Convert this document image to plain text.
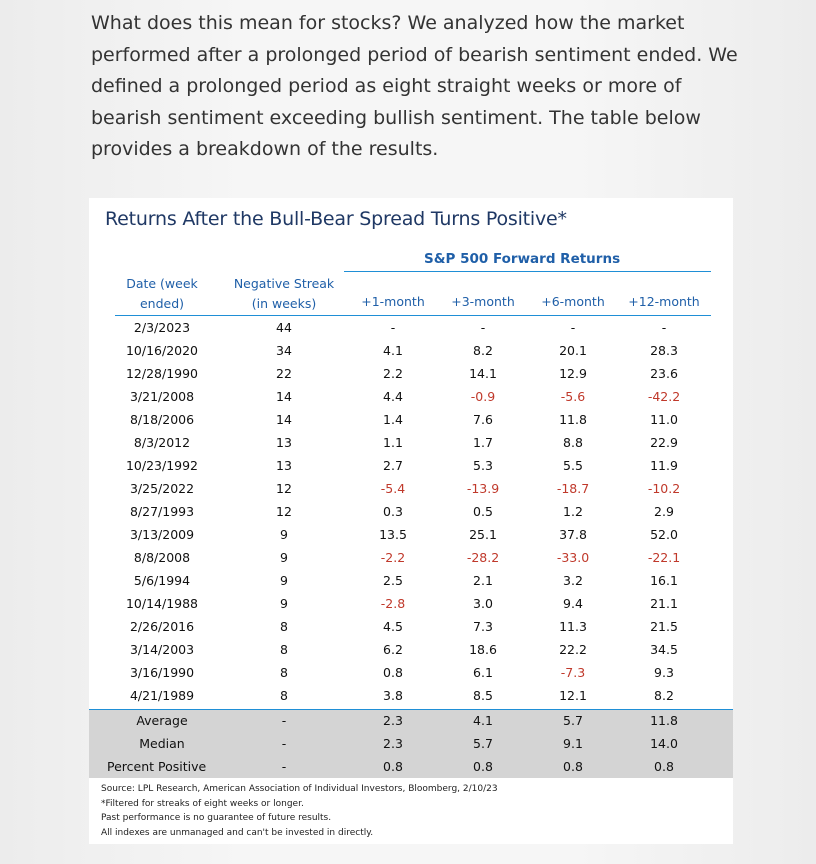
What does this mean for stocks? We analyzed how the market performed after a prolonged period of bearish sentiment ended. We defined a prolonged period as eight straight weeks or more of bearish sentiment exceeding bullish sentiment. The table below provides a breakdown of the results.

Returns After the Bull-Bear Spread Turns Positive*
S&P 500 Forward Returns
Date (week
ended)
Negative Streak
(in weeks)	+1-month	+3-month	+6-month	+12-month
2/3/2023	44	-	-	-	-
10/16/2020	34	4.1	8.2	20.1	28.3
12/28/1990	22	2.2	14.1	12.9	23.6
3/21/2008	14	4.4	-0.9	-5.6	-42.2
8/18/2006	14	1.4	7.6	11.8	11.0
8/3/2012	13	1.1	1.7	8.8	22.9
10/23/1992	13	2.7	5.3	5.5	11.9
3/25/2022	12	-5.4	-13.9	-18.7	-10.2
8/27/1993	12	0.3	0.5	1.2	2.9
3/13/2009	9	13.5	25.1	37.8	52.0
8/8/2008	9	-2.2	-28.2	-33.0	-22.1
5/6/1994	9	2.5	2.1	3.2	16.1
10/14/1988	9	-2.8	3.0	9.4	21.1
2/26/2016	8	4.5	7.3	11.3	21.5
3/14/2003	8	6.2	18.6	22.2	34.5
3/16/1990	8	0.8	6.1	-7.3	9.3
4/21/1989	8	3.8	8.5	12.1	8.2
Average	-	2.3	4.1	5.7	11.8
Median	-	2.3	5.7	9.1	14.0
Percent Positive	-	0.8	0.8	0.8	0.8
Source: LPL Research, American Association of Individual Investors, Bloomberg, 2/10/23
*Filtered for streaks of eight weeks or longer.
Past performance is no guarantee of future results.
All indexes are unmanaged and can't be invested in directly.
